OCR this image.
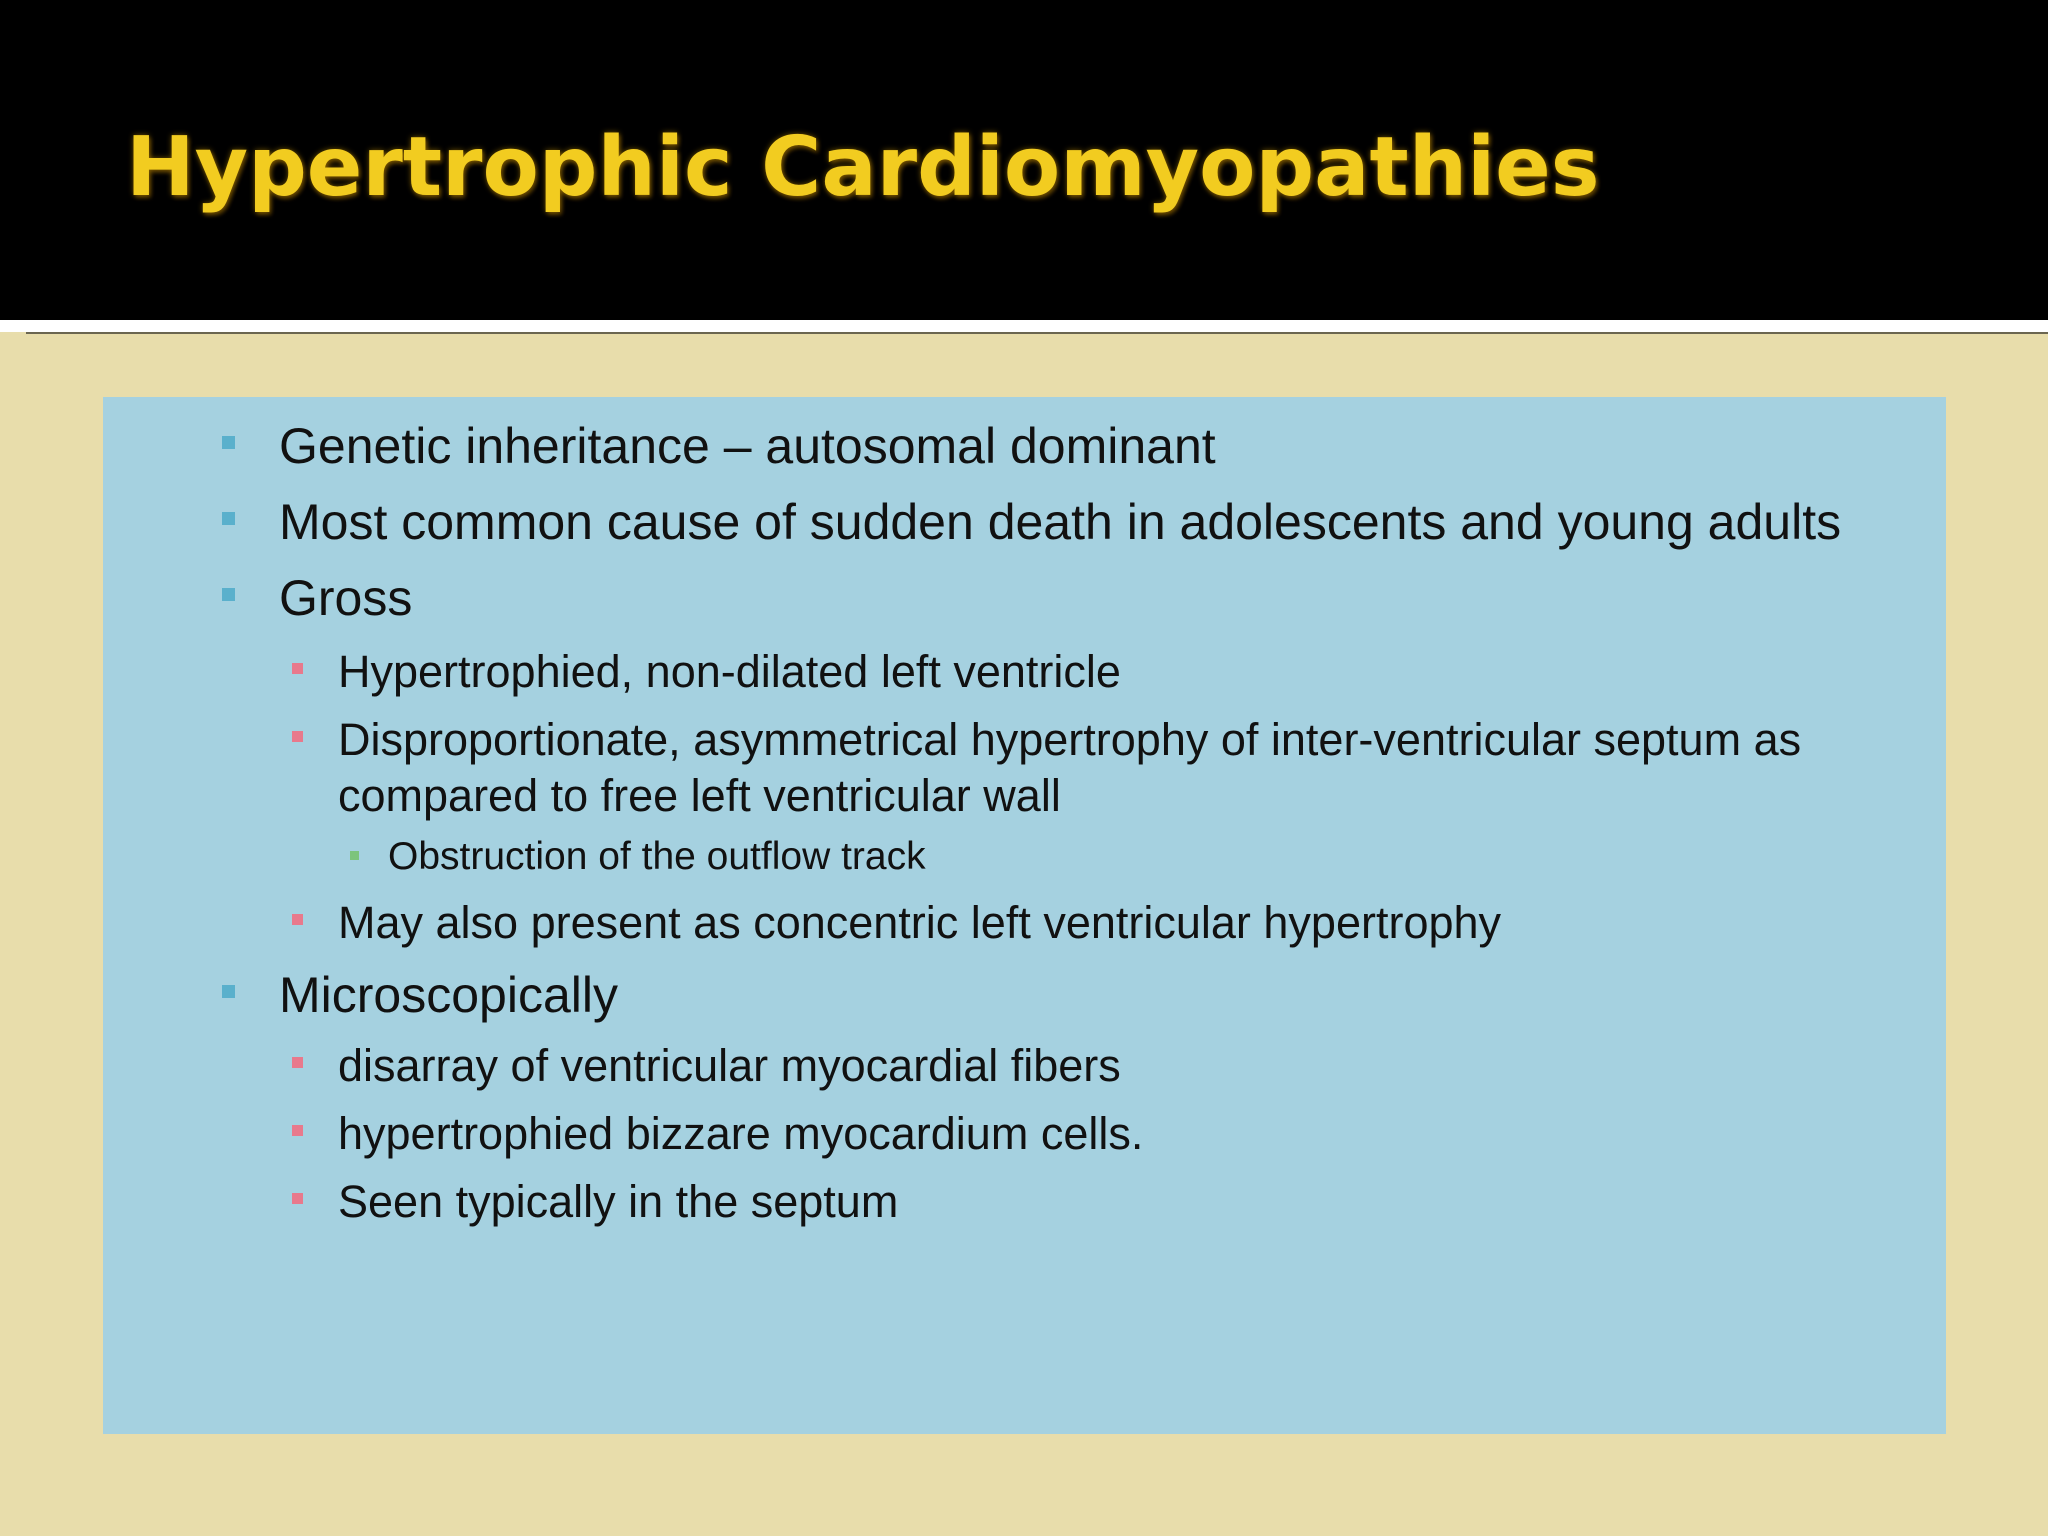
Hypertrophic Cardiomyopathies
Genetic inheritance – autosomal dominant
Most common cause of sudden death in adolescents and young adults
Gross
Hypertrophied, non-dilated left ventricle
Disproportionate, asymmetrical hypertrophy of inter-ventricular septum as
compared to free left ventricular wall
Obstruction of the outflow track
May also present as concentric left ventricular hypertrophy
Microscopically
disarray of ventricular myocardial fibers
hypertrophied bizzare myocardium cells.
Seen typically in the septum
